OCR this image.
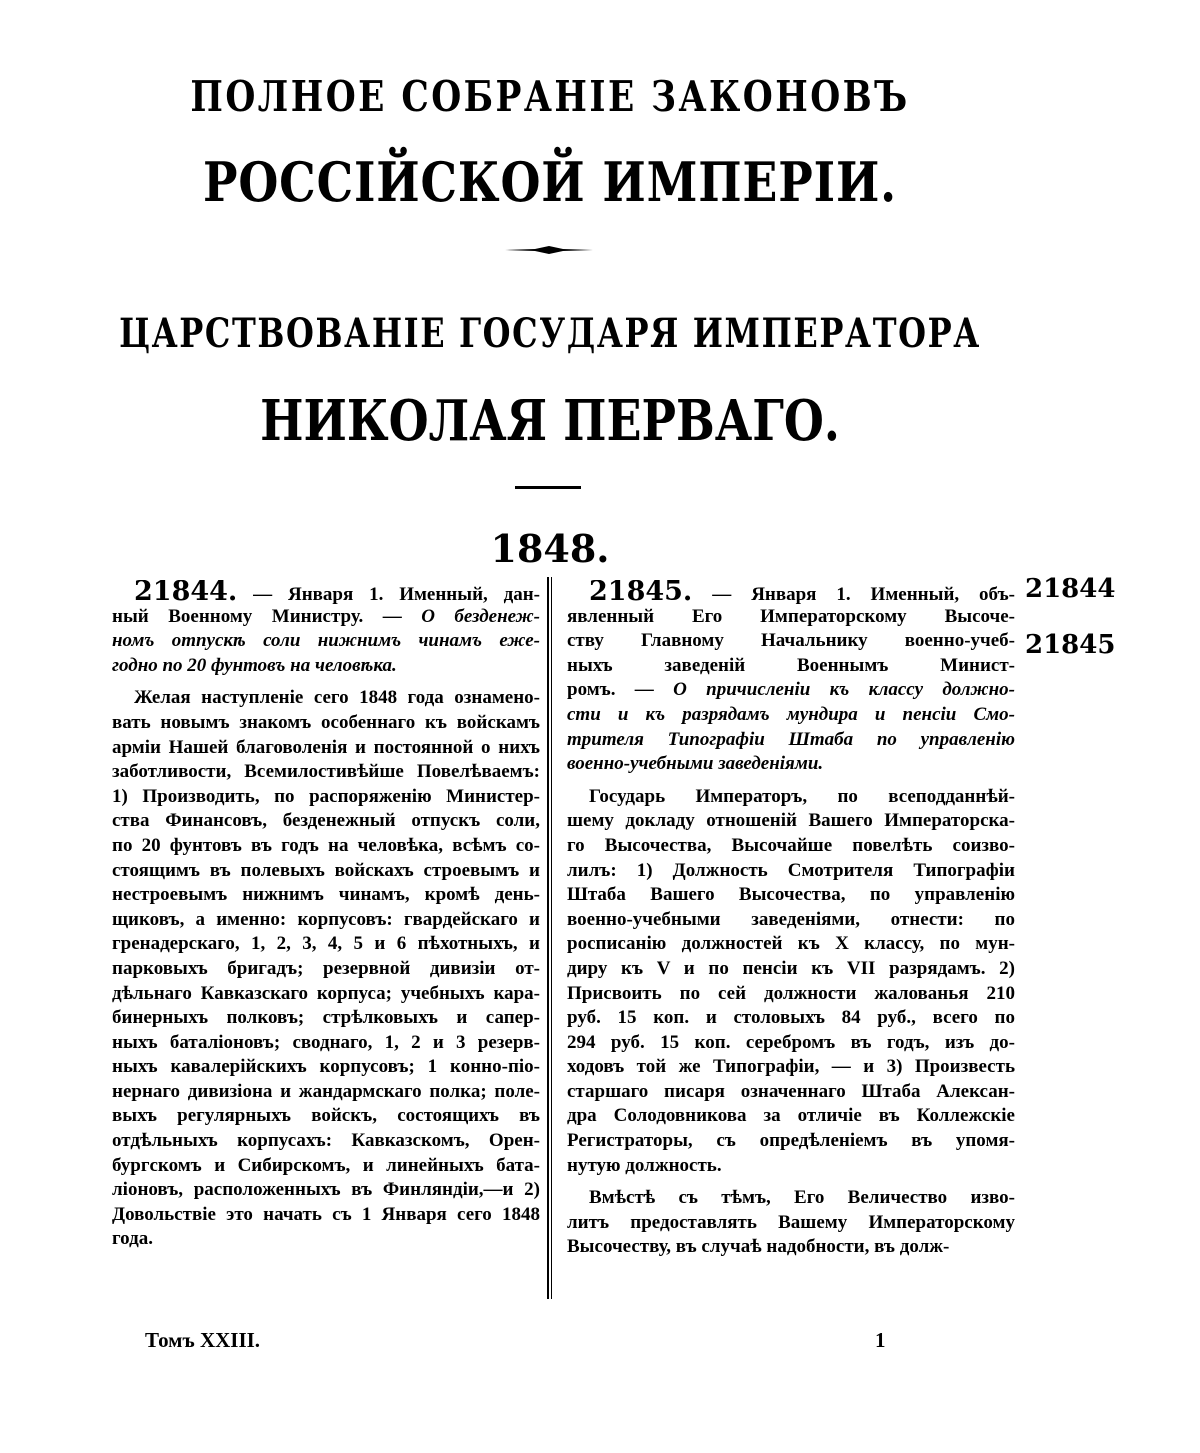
ПОЛНОЕ СОБРАНІЕ ЗАКОНОВЪ
РОССІЙСКОЙ ИМПЕРІИ.
ЦАРСТВОВАНІЕ ГОСУДАРЯ ИМПЕРАТОРА
НИКОЛАЯ ПЕРВАГО.
1848.
21844. — Января 1. Именный, дан-
ный Военному Министру. — О безденеж-
номъ отпускѣ соли нижнимъ чинамъ еже-
годно по 20 фунтовъ на человѣка.
Желая наступленіе сего 1848 года ознамено-
вать новымъ знакомъ особеннаго къ войскамъ
арміи Нашей благоволенія и постоянной о нихъ
заботливости, Всемилостивѣйше Повелѣваемъ:
1) Производить, по распоряженію Министер-
ства Финансовъ, безденежный отпускъ соли,
по 20 фунтовъ въ годъ на человѣка, всѣмъ со-
стоящимъ въ полевыхъ войскахъ строевымъ и
нестроевымъ нижнимъ чинамъ, кромѣ день-
щиковъ, а именно: корпусовъ: гвардейскаго и
гренадерскаго, 1, 2, 3, 4, 5 и 6 пѣхотныхъ, и
парковыхъ бригадъ; резервной дивизіи от-
дѣльнаго Кавказскаго корпуса; учебныхъ кара-
бинерныхъ полковъ; стрѣлковыхъ и сапер-
ныхъ баталіоновъ; своднаго, 1, 2 и 3 резерв-
ныхъ кавалерійскихъ корпусовъ; 1 конно-піо-
нернаго дивизіона и жандармскаго полка; поле-
выхъ регулярныхъ войскъ, состоящихъ въ
отдѣльныхъ корпусахъ: Кавказскомъ, Орен-
бургскомъ и Сибирскомъ, и линейныхъ бата-
ліоновъ, расположенныхъ въ Финляндіи,—и 2)
Довольствіе это начать съ 1 Января сего 1848
года.
21845. — Января 1. Именный, объ-
явленный Его Императорскому Высоче-
ству Главному Начальнику военно-учеб-
ныхъ заведеній Военнымъ Минист-
ромъ. — О причисленіи къ классу должно-
сти и къ разрядамъ мундира и пенсіи Смо-
трителя Типографіи Штаба по управленію
военно-учебными заведеніями.
Государь Императоръ, по всеподданнѣй-
шему докладу отношеній Вашего Императорска-
го Высочества, Высочайше повелѣть соизво-
лилъ: 1) Должность Смотрителя Типографіи
Штаба Вашего Высочества, по управленію
военно-учебными заведеніями, отнести: по
росписанію должностей къ X классу, по мун-
диру къ V и по пенсіи къ VII разрядамъ. 2)
Присвоить по сей должности жалованья 210
руб. 15 коп. и столовыхъ 84 руб., всего по
294 руб. 15 коп. серебромъ въ годъ, изъ до-
ходовъ той же Типографіи, — и 3) Произвесть
старшаго писаря означеннаго Штаба Алексан-
дра Солодовникова за отличіе въ Коллежскіе
Регистраторы, съ опредѣленіемъ въ упомя-
нутую должность.
Вмѣстѣ съ тѣмъ, Его Величество изво-
литъ предоставлять Вашему Императорскому
Высочеству, въ случаѣ надобности, въ долж-
21844
21845
Томъ XXIII.	1
